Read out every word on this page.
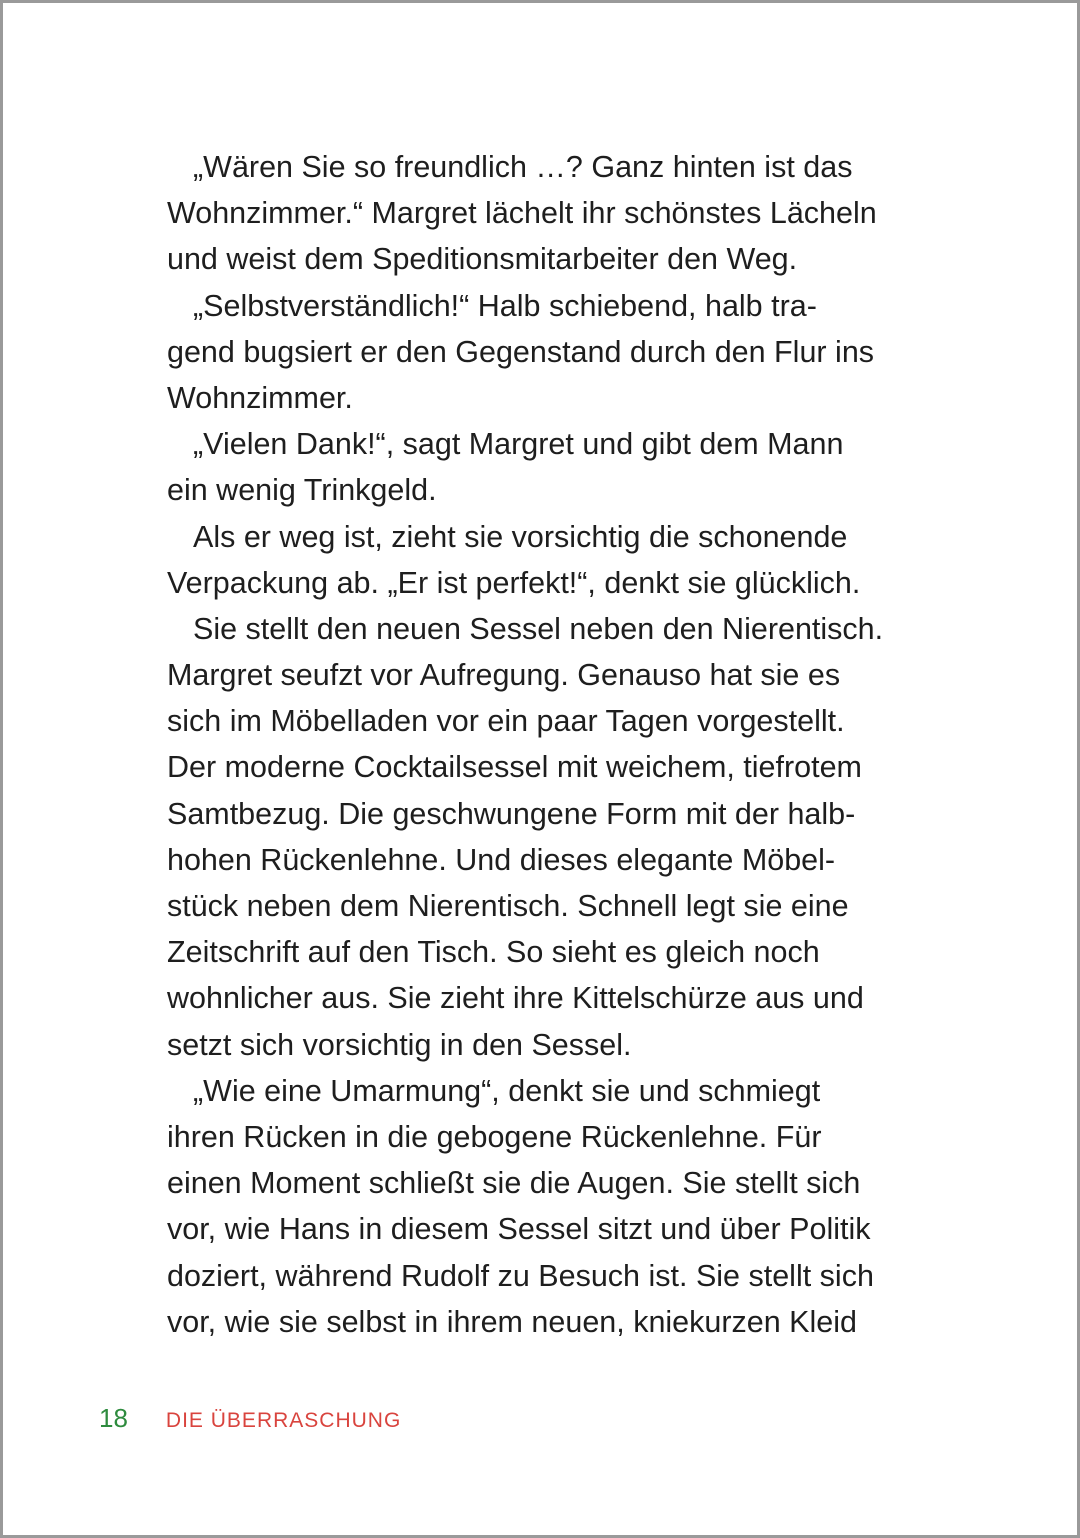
„Wären Sie so freundlich …? Ganz hinten ist das
Wohnzimmer.“ Margret lächelt ihr schönstes Lächeln
und weist dem Speditionsmitarbeiter den Weg.
„Selbstverständlich!“ Halb schiebend, halb tra-
gend bugsiert er den Gegenstand durch den Flur ins
Wohnzimmer.
„Vielen Dank!“, sagt Margret und gibt dem Mann
ein wenig Trinkgeld.
Als er weg ist, zieht sie vorsichtig die schonende
Verpackung ab. „Er ist perfekt!“, denkt sie glücklich.
Sie stellt den neuen Sessel neben den Nierentisch.
Margret seufzt vor Aufregung. Genauso hat sie es
sich im Möbelladen vor ein paar Tagen vorgestellt.
Der moderne Cocktailsessel mit weichem, tiefrotem
Samtbezug. Die geschwungene Form mit der halb-
hohen Rückenlehne. Und dieses elegante Möbel-
stück neben dem Nierentisch. Schnell legt sie eine
Zeitschrift auf den Tisch. So sieht es gleich noch
wohnlicher aus. Sie zieht ihre Kittelschürze aus und
setzt sich vorsichtig in den Sessel.
„Wie eine Umarmung“, denkt sie und schmiegt
ihren Rücken in die gebogene Rückenlehne. Für
einen Moment schließt sie die Augen. Sie stellt sich
vor, wie Hans in diesem Sessel sitzt und über Politik
doziert, während Rudolf zu Besuch ist. Sie stellt sich
vor, wie sie selbst in ihrem neuen, kniekurzen Kleid
18 DIE ÜBERRASCHUNG
